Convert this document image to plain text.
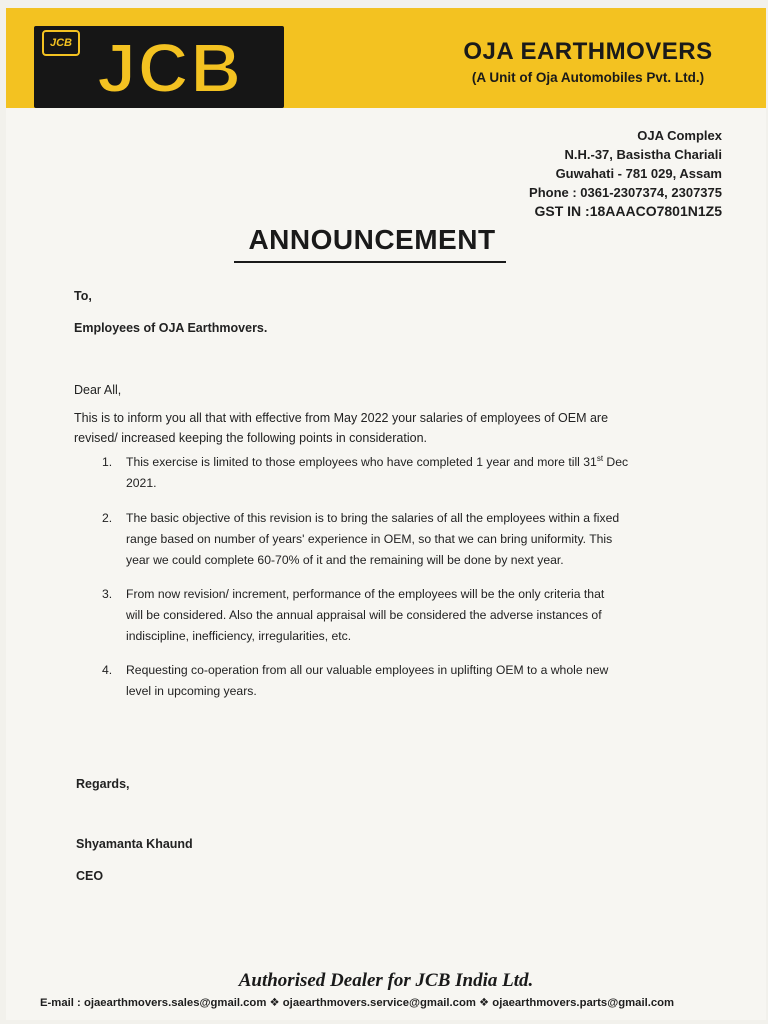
JCB
JCB	OJA EARTHMOVERS
(A Unit of Oja Automobiles Pvt. Ltd.)
OJA Complex
N.H.-37, Basistha Chariali
Guwahati - 781 029, Assam
Phone : 0361-2307374, 2307375
GST IN :18AAACO7801N1Z5
ANNOUNCEMENT
To,
Employees of OJA Earthmovers.
Dear All,
This is to inform you all that with effective from May 2022 your salaries of employees of OEM are
revised/ increased keeping the following points in consideration.
1.	This exercise is limited to those employees who have completed 1 year and more till 31st Dec
2021.
2.	The basic objective of this revision is to bring the salaries of all the employees within a fixed
range based on number of years' experience in OEM, so that we can bring uniformity. This
year we could complete 60-70% of it and the remaining will be done by next year.
3.	From now revision/ increment, performance of the employees will be the only criteria that
will be considered. Also the annual appraisal will be considered the adverse instances of
indiscipline, inefficiency, irregularities, etc.
4.	Requesting co-operation from all our valuable employees in uplifting OEM to a whole new
level in upcoming years.
Regards,
Shyamanta Khaund
CEO
Authorised Dealer for JCB India Ltd.
E-mail : ojaearthmovers.sales@gmail.com ❖ ojaearthmovers.service@gmail.com ❖ ojaearthmovers.parts@gmail.com
